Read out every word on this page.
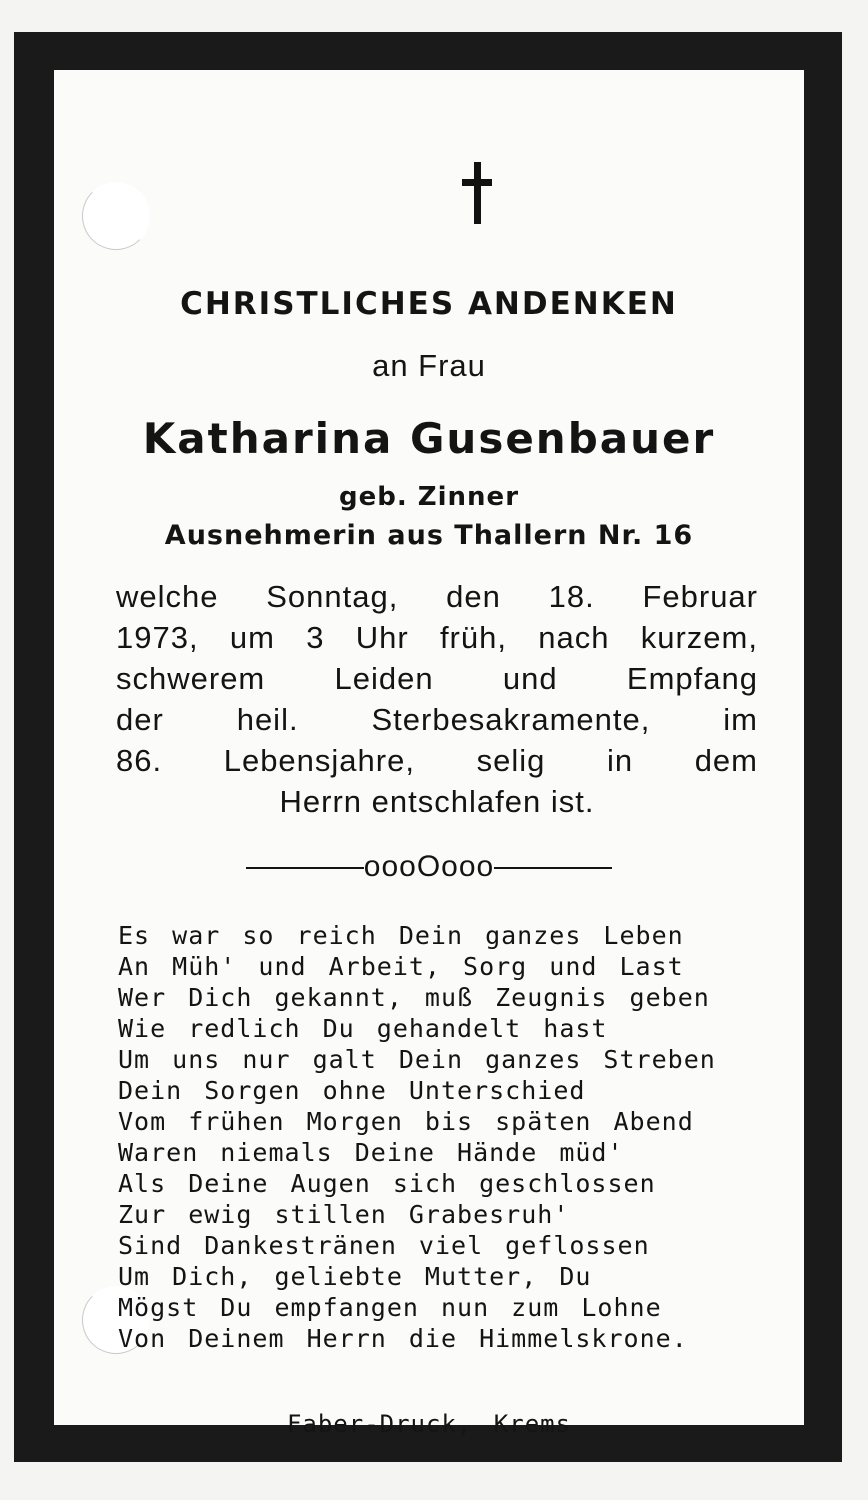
CHRISTLICHES ANDENKEN
an Frau
Katharina Gusenbauer
geb. Zinner
Ausnehmerin aus Thallern Nr. 16
welche Sonntag, den 18. Februar
1973, um 3 Uhr früh, nach kurzem,
schwerem Leiden und Empfang
der heil. Sterbesakramente, im
86. Lebensjahre, selig in dem
Herrn entschlafen ist.
oooOooo
Es war so reich Dein ganzes Leben
An Müh' und Arbeit, Sorg und Last
Wer Dich gekannt, muß Zeugnis geben
Wie redlich Du gehandelt hast
Um uns nur galt Dein ganzes Streben
Dein Sorgen ohne Unterschied
Vom frühen Morgen bis späten Abend
Waren niemals Deine Hände müd'
Als Deine Augen sich geschlossen
Zur ewig stillen Grabesruh'
Sind Dankestränen viel geflossen
Um Dich, geliebte Mutter, Du
Mögst Du empfangen nun zum Lohne
Von Deinem Herrn die Himmelskrone.
Faber-Druck, Krems
